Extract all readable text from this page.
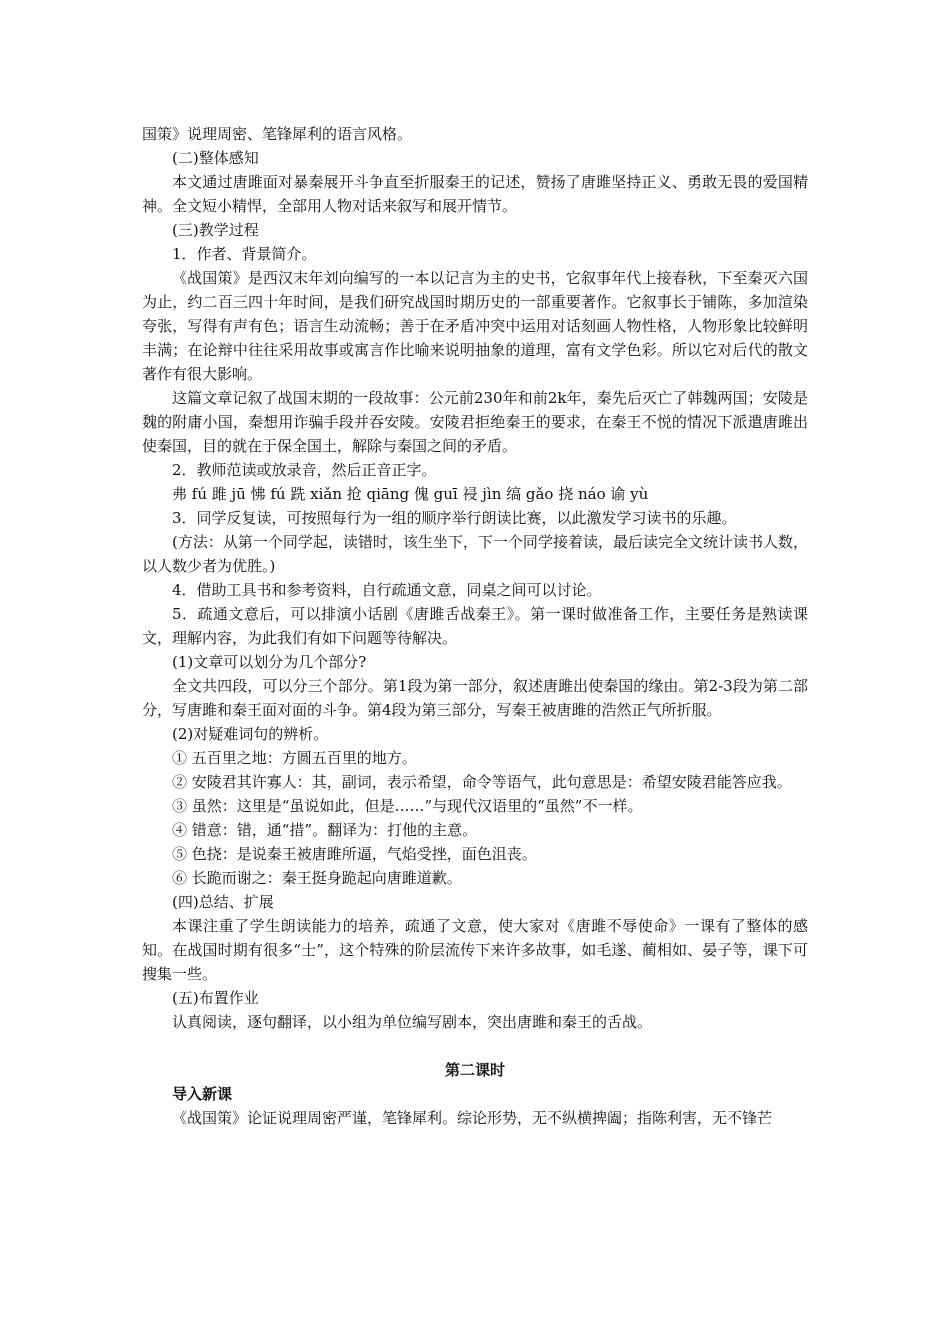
国策》说理周密、笔锋犀利的语言风格。

(二)整体感知

本文通过唐雎面对暴秦展开斗争直至折服秦王的记述，赞扬了唐雎坚持正义、勇敢无畏的爱国精神。全文短小精悍，全部用人物对话来叙写和展开情节。

(三)教学过程

1．作者、背景简介。

《战国策》是西汉末年刘向编写的一本以记言为主的史书，它叙事年代上接春秋，下至秦灭六国为止，约二百三四十年时间，是我们研究战国时期历史的一部重要著作。它叙事长于铺陈，多加渲染夸张，写得有声有色；语言生动流畅；善于在矛盾冲突中运用对话刻画人物性格，人物形象比较鲜明丰满；在论辩中往往采用故事或寓言作比喻来说明抽象的道理，富有文学色彩。所以它对后代的散文著作有很大影响。

这篇文章记叙了战国末期的一段故事：公元前230年和前2k年，秦先后灭亡了韩魏两国；安陵是魏的附庸小国，秦想用诈骗手段并吞安陵。安陵君拒绝秦王的要求，在秦王不悦的情况下派遣唐雎出使秦国，目的就在于保全国土，解除与秦国之间的矛盾。

2．教师范读或放录音，然后正音正字。

弗 fú 雎 jū 怫 fú 跣 xiǎn 抢 qiāng 傀 guī 祲 jìn 缟 gǎo 挠 náo 谕 yù

3．同学反复读，可按照每行为一组的顺序举行朗读比赛，以此激发学习读书的乐趣。

(方法：从第一个同学起，读错时，该生坐下，下一个同学接着读，最后读完全文统计读书人数，以人数少者为优胜。)

4．借助工具书和参考资料，自行疏通文意，同桌之间可以讨论。

5．疏通文意后，可以排演小话剧《唐雎舌战秦王》。第一课时做准备工作，主要任务是熟读课文，理解内容，为此我们有如下问题等待解决。

(1)文章可以划分为几个部分?

全文共四段，可以分三个部分。第1段为第一部分，叙述唐雎出使秦国的缘由。第2-3段为第二部分，写唐雎和秦王面对面的斗争。第4段为第三部分，写秦王被唐雎的浩然正气所折服。

(2)对疑难词句的辨析。

① 五百里之地：方圆五百里的地方。

② 安陵君其许寡人：其，副词，表示希望，命令等语气，此句意思是：希望安陵君能答应我。

③ 虽然：这里是“虽说如此，但是……”与现代汉语里的“虽然”不一样。

④ 错意：错，通“措”。翻译为：打他的主意。

⑤ 色挠：是说秦王被唐雎所逼，气焰受挫，面色沮丧。

⑥ 长跪而谢之：秦王挺身跪起向唐雎道歉。

(四)总结、扩展

本课注重了学生朗读能力的培养，疏通了文意，使大家对《唐雎不辱使命》一课有了整体的感知。在战国时期有很多“士”，这个特殊的阶层流传下来许多故事，如毛遂、蔺相如、晏子等，课下可搜集一些。

(五)布置作业

认真阅读，逐句翻译，以小组为单位编写剧本，突出唐雎和秦王的舌战。

第二课时

导入新课

《战国策》论证说理周密严谨，笔锋犀利。综论形势，无不纵横捭阖；指陈利害，无不锋芒
